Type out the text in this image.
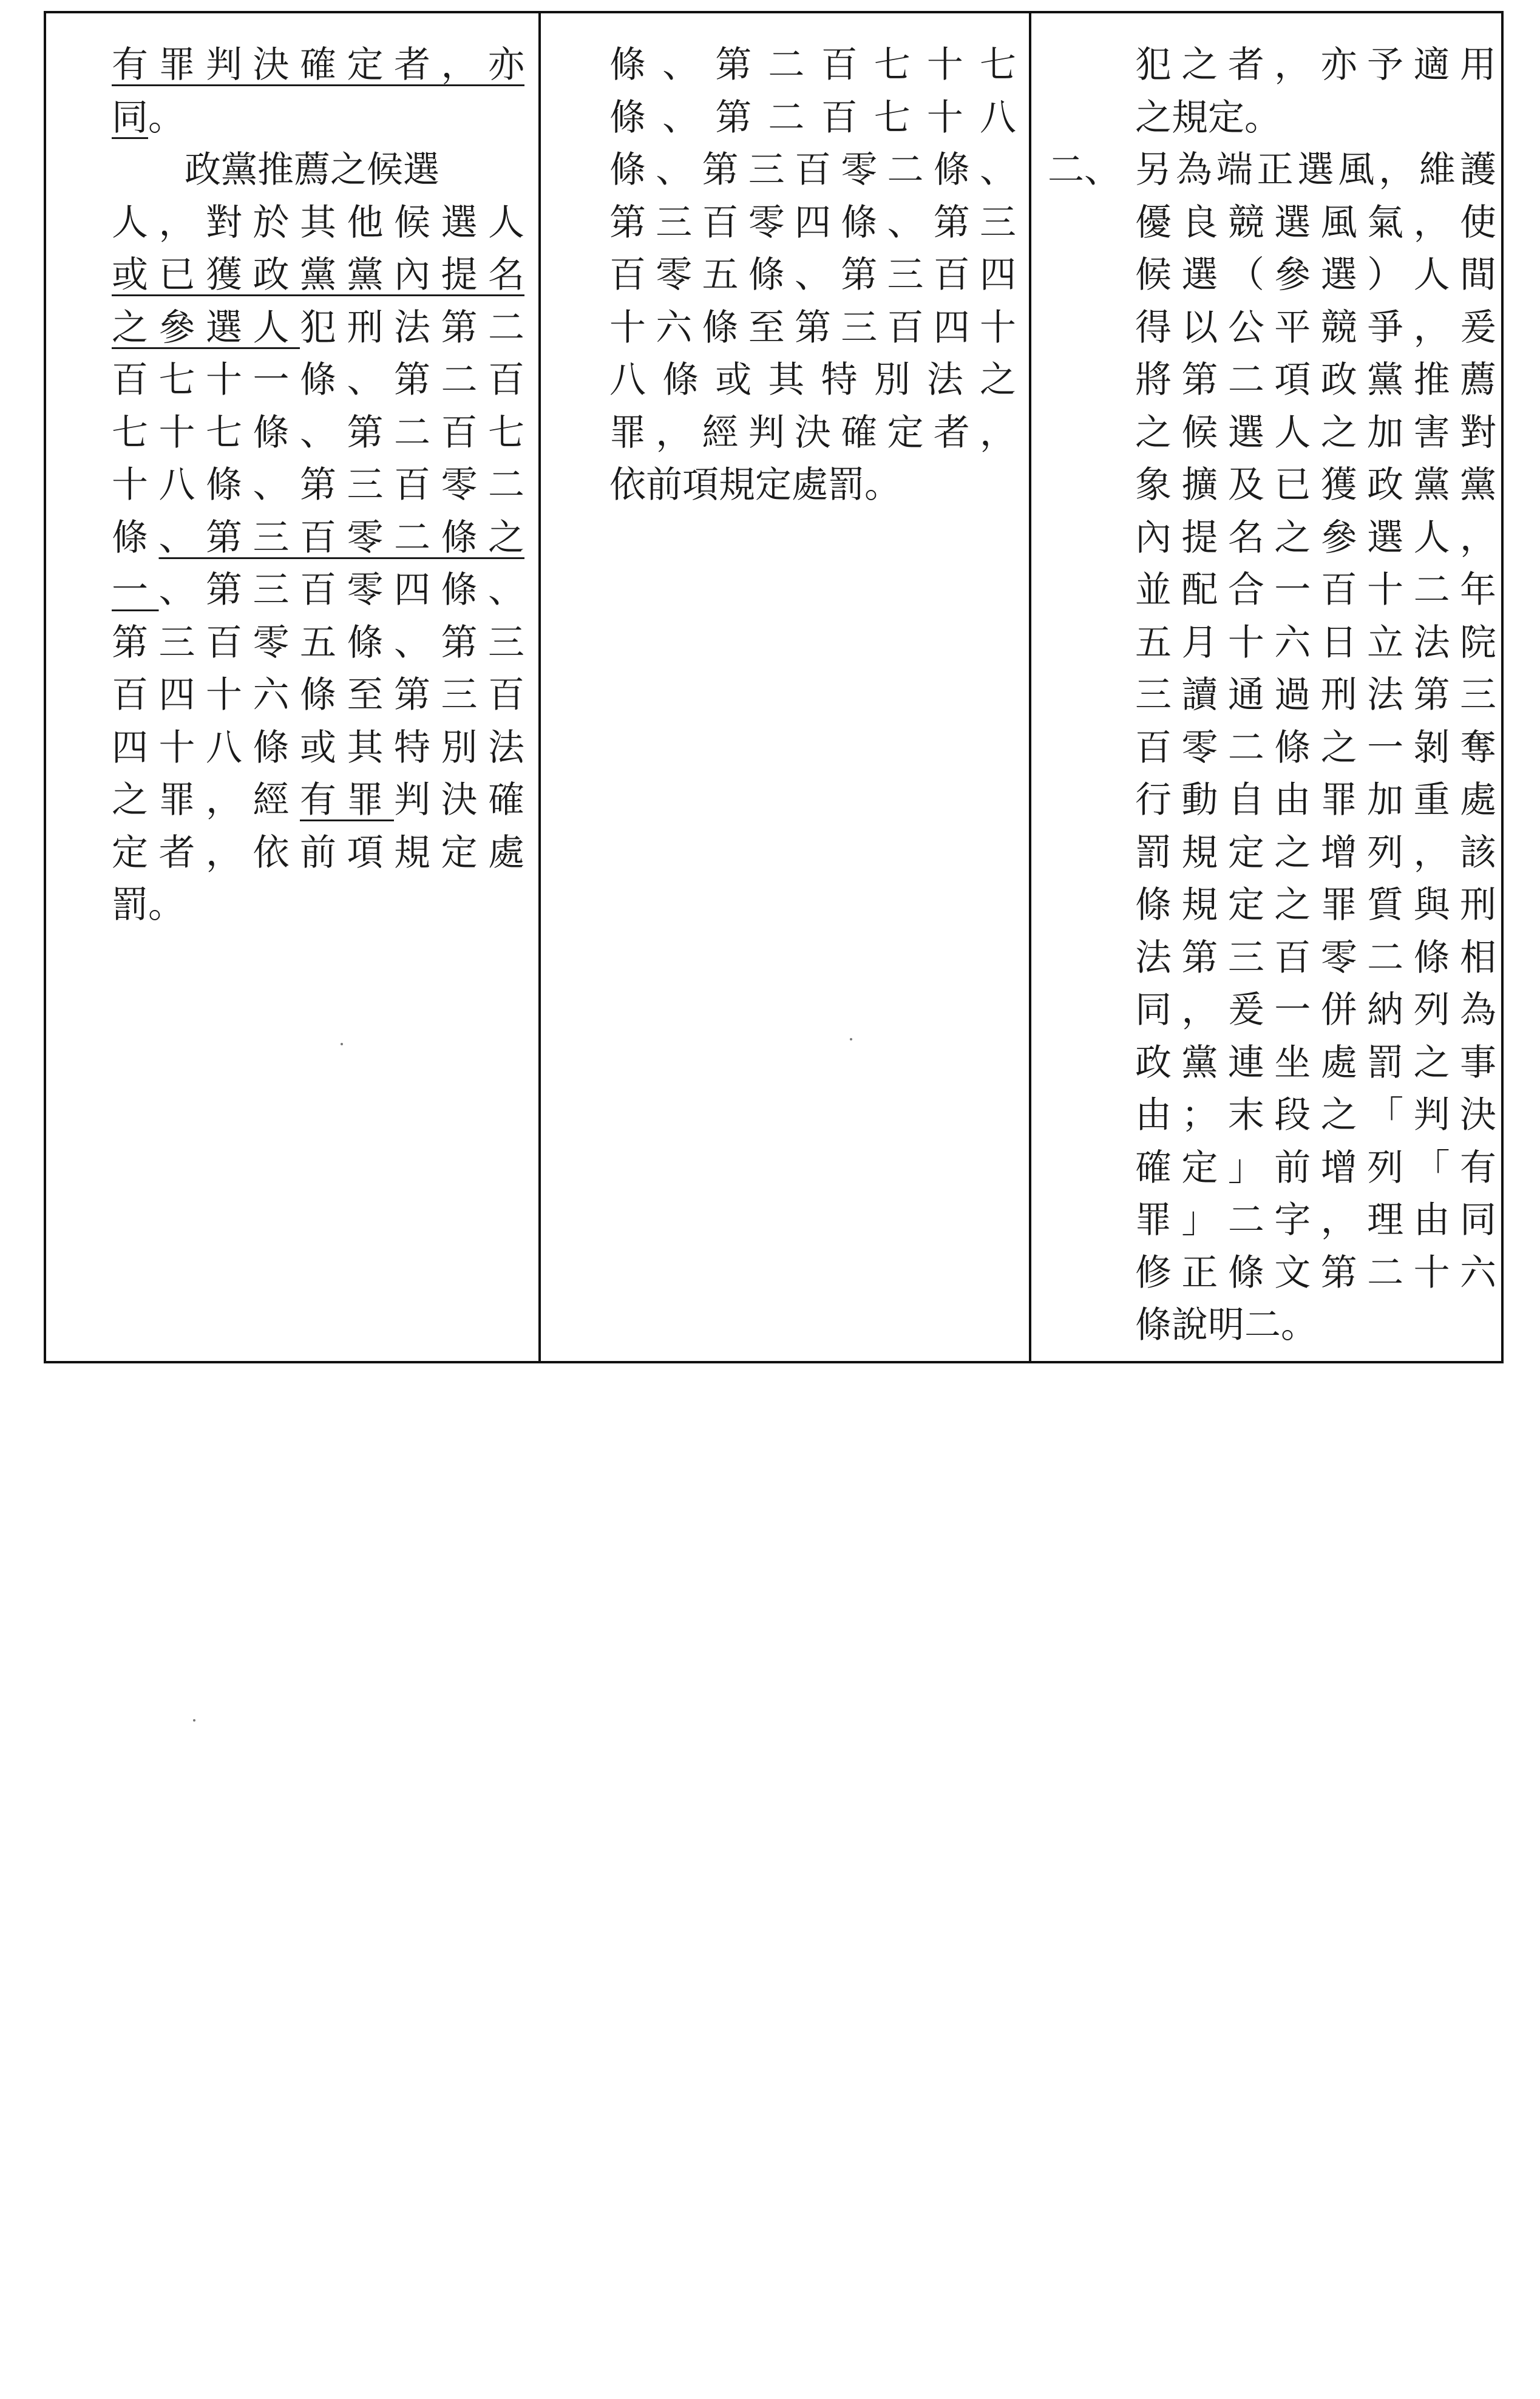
有罪判決確定者，亦
同。
　　政黨推薦之候選
人，對於其他候選人
或已獲政黨黨內提名
之參選人犯刑法第二
百七十一條、第二百
七十七條、第二百七
十八條、第三百零二
條、第三百零二條之
一、第三百零四條、
第三百零五條、第三
百四十六條至第三百
四十八條或其特別法
之罪，經有罪判決確
定者，依前項規定處
罰。
條、第二百七十七
條、第二百七十八
條、第三百零二條、
第三百零四條、第三
百零五條、第三百四
十六條至第三百四十
八條或其特別法之
罪，經判決確定者，
依前項規定處罰。
犯之者，亦予適用
之規定。
另為端正選風，維護
優良競選風氣，使
候選（參選）人間
得以公平競爭，爰
將第二項政黨推薦
之候選人之加害對
象擴及已獲政黨黨
內提名之參選人，
並配合一百十二年
五月十六日立法院
三讀通過刑法第三
百零二條之一剝奪
行動自由罪加重處
罰規定之增列，該
條規定之罪質與刑
法第三百零二條相
同，爰一併納列為
政黨連坐處罰之事
由；末段之「判決
確定」前增列「有
罪」二字，理由同
修正條文第二十六
條說明二。
二、
